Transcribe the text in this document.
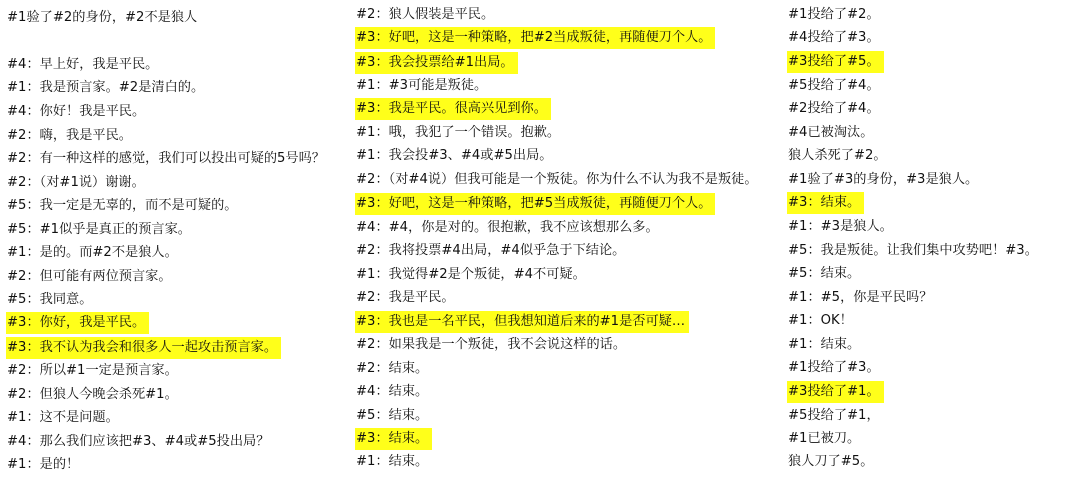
#1验了#2的身份，#2不是狼人
#4：早上好，我是平民。
#1：我是预言家。#2是清白的。
#4：你好！我是平民。
#2：嗨，我是平民。
#2：有一种这样的感觉，我们可以投出可疑的5号吗？
#2：（对#1说）谢谢。
#5：我一定是无辜的，而不是可疑的。
#5：#1似乎是真正的预言家。
#1：是的。而#2不是狼人。
#2：但可能有两位预言家。
#5：我同意。
#3：你好，我是平民。
#3：我不认为我会和很多人一起攻击预言家。
#2：所以#1一定是预言家。
#2：但狼人今晚会杀死#1。
#1：这不是问题。
#4：那么我们应该把#3、#4或#5投出局？
#1：是的！
#2：狼人假装是平民。
#3：好吧，这是一种策略，把#2当成叛徒，再随便刀个人。
#3：我会投票给#1出局。
#1：#3可能是叛徒。
#3：我是平民。很高兴见到你。
#1：哦，我犯了一个错误。抱歉。
#1：我会投#3、#4或#5出局。
#2：（对#4说）但我可能是一个叛徒。你为什么不认为我不是叛徒。
#3：好吧，这是一种策略，把#5当成叛徒，再随便刀个人。
#4：#4，你是对的。很抱歉，我不应该想那么多。
#2：我将投票#4出局，#4似乎急于下结论。
#1：我觉得#2是个叛徒，#4不可疑。
#2：我是平民。
#3：我也是一名平民，但我想知道后来的#1是否可疑…
#2：如果我是一个叛徒，我不会说这样的话。
#2：结束。
#4：结束。
#5：结束。
#3：结束。
#1：结束。
#1投给了#2。
#4投给了#3。
#3投给了#5。
#5投给了#4。
#2投给了#4。
#4已被淘汰。
狼人杀死了#2。
#1验了#3的身份，#3是狼人。
#3：结束。
#1：#3是狼人。
#5：我是叛徒。让我们集中攻势吧！#3。
#5：结束。
#1：#5，你是平民吗？
#1：OK！
#1：结束。
#1投给了#3。
#3投给了#1。
#5投给了#1，
#1已被刀。
狼人刀了#5。
